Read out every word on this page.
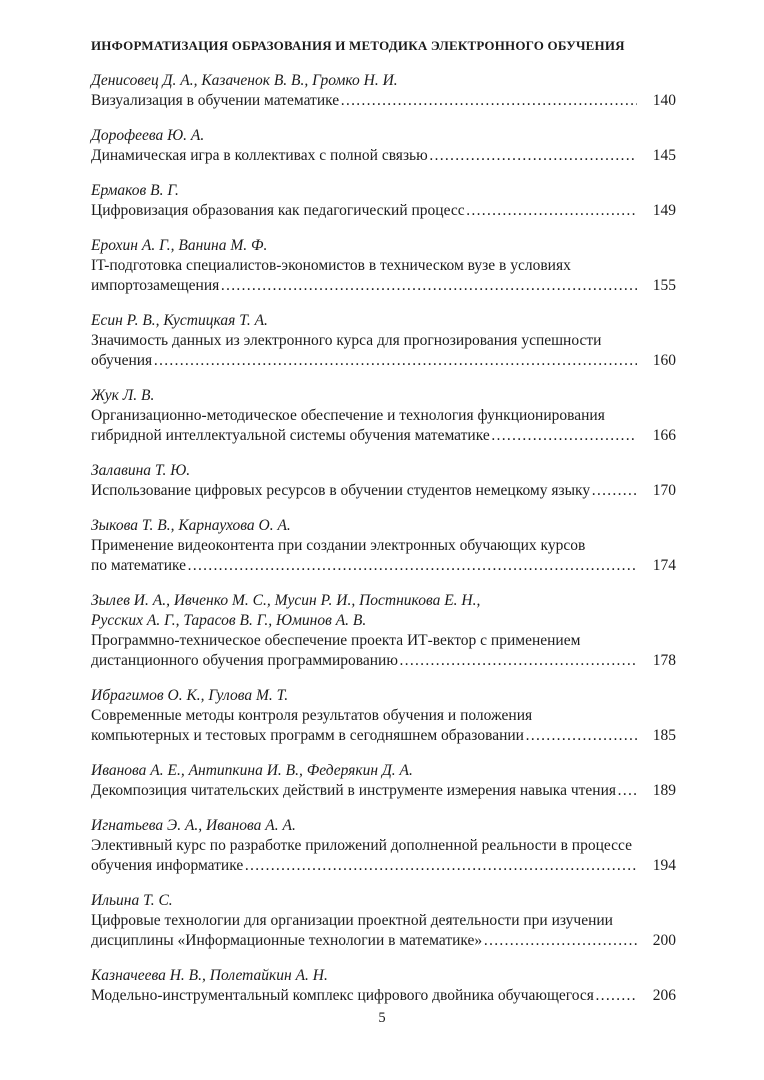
ИНФОРМАТИЗАЦИЯ ОБРАЗОВАНИЯ И МЕТОДИКА ЭЛЕКТРОННОГО ОБУЧЕНИЯ
Денисовец Д. А., Казаченок В. В., Громко Н. И.
Визуализация в обучении математике …………………………………………………………………………………………………………	140
Дорофеева Ю. А.
Динамическая игра в коллективах с полной связью …………………………………………………………………………………………………………	145
Ермаков В. Г.
Цифровизация образования как педагогический процесс …………………………………………………………………………………………………………	149
Ерохин А. Г., Ванина М. Ф.
IT-подготовка специалистов-экономистов в техническом вузе в условиях
импортозамещения …………………………………………………………………………………………………………	155
Есин Р. В., Кустицкая Т. А.
Значимость данных из электронного курса для прогнозирования успешности
обучения …………………………………………………………………………………………………………	160
Жук Л. В.
Организационно-методическое обеспечение и технология функционирования
гибридной интеллектуальной системы обучения математике …………………………………………………………………………………………………………	166
Залавина Т. Ю.
Использование цифровых ресурсов в обучении студентов немецкому языку …………………………………………………………………………………………………………	170
Зыкова Т. В., Карнаухова О. А.
Применение видеоконтента при создании электронных обучающих курсов
по математике …………………………………………………………………………………………………………	174
Зылев И. А., Ивченко М. С., Мусин Р. И., Постникова Е. Н.,
Русских А. Г., Тарасов В. Г., Юминов А. В.
Программно-техническое обеспечение проекта ИТ-вектор с применением
дистанционного обучения программированию …………………………………………………………………………………………………………	178
Ибрагимов О. К., Гулова М. Т.
Современные методы контроля результатов обучения и положения
компьютерных и тестовых программ в сегодняшнем образовании …………………………………………………………………………………………………………	185
Иванова А. Е., Антипкина И. В., Федерякин Д. А.
Декомпозиция читательских действий в инструменте измерения навыка чтения …………………………………………………………………………………………………………	189
Игнатьева Э. А., Иванова А. А.
Элективный курс по разработке приложений дополненной реальности в процессе
обучения информатике …………………………………………………………………………………………………………	194
Ильина Т. С.
Цифровые технологии для организации проектной деятельности при изучении
дисциплины «Информационные технологии в математике» …………………………………………………………………………………………………………	200
Казначеева Н. В., Полетайкин А. Н.
Модельно-инструментальный комплекс цифрового двойника обучающегося …………………………………………………………………………………………………………	206
5
